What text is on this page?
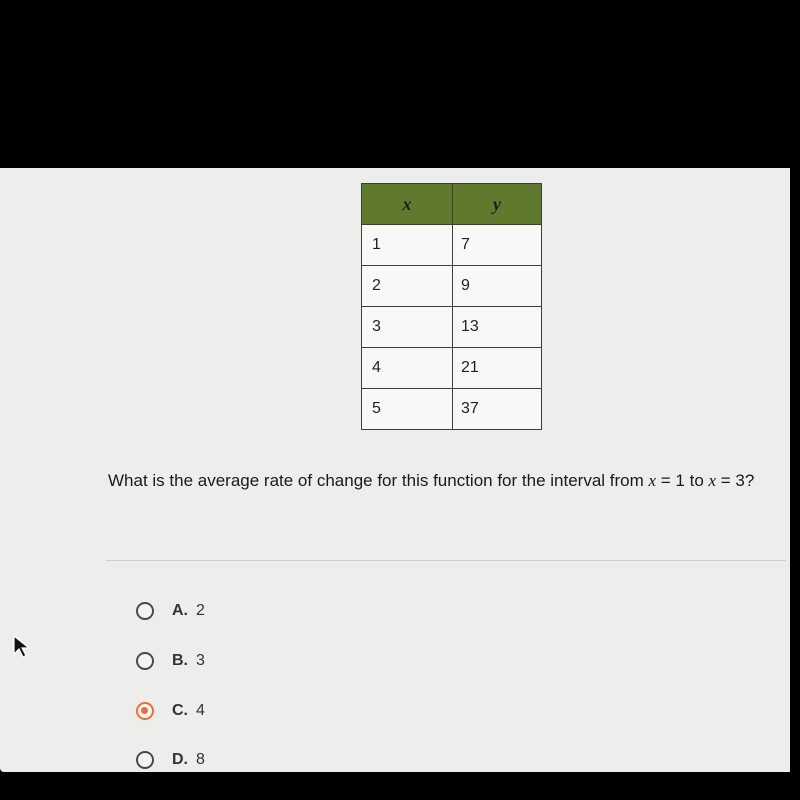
x	y
1	7
2	9
3	13
4	21
5	37
What is the average rate of change for this function for the interval from x = 1 to x = 3?
A. 2
B. 3
C. 4
D. 8
